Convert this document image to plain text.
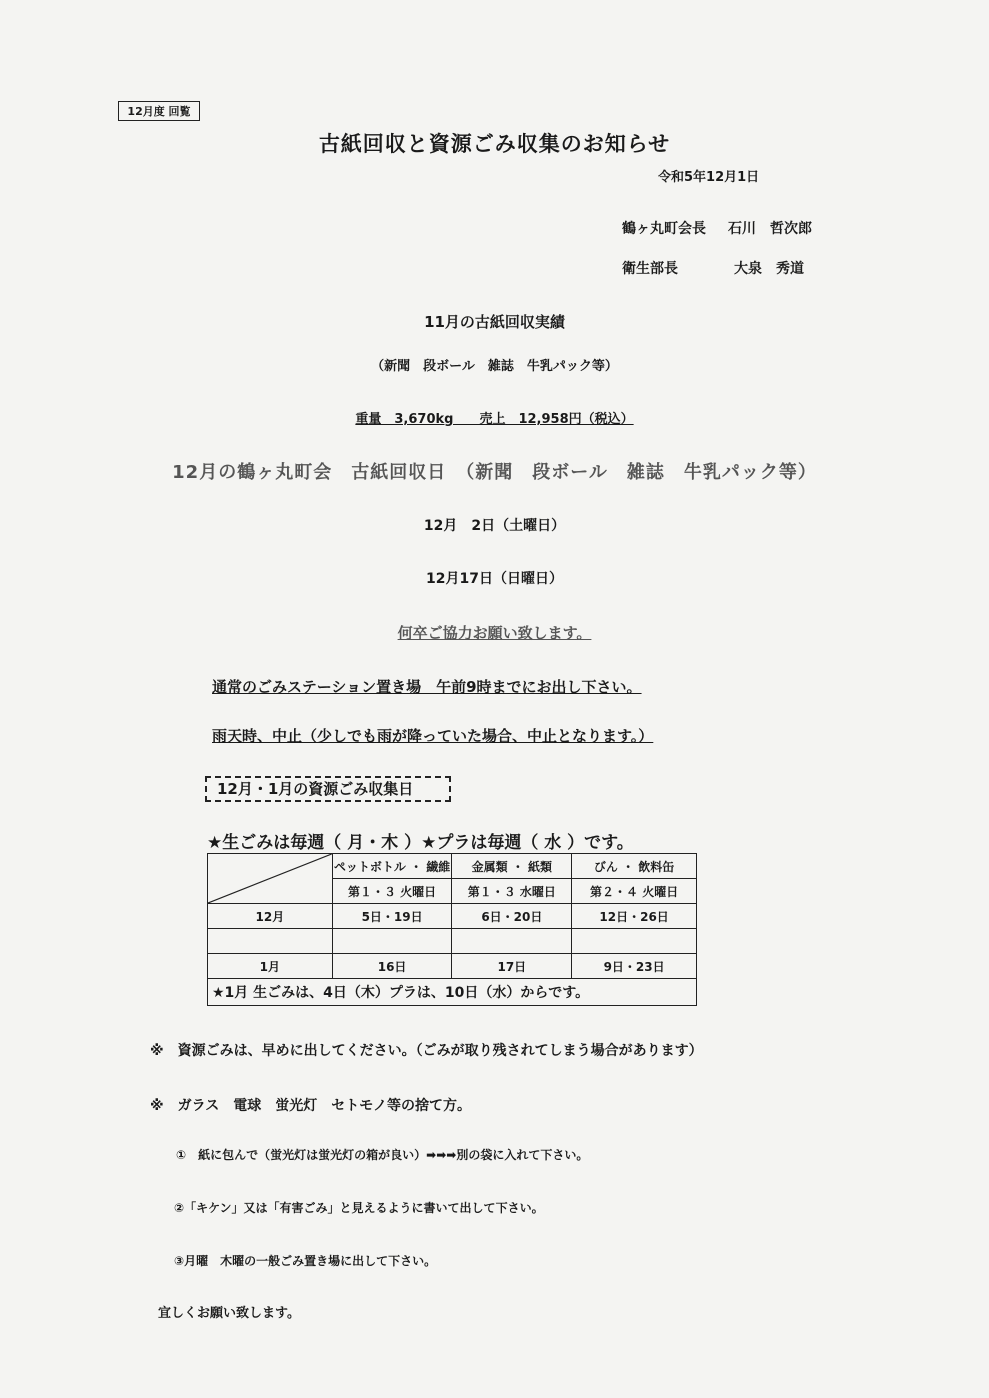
12月度 回覧
古紙回収と資源ごみ収集のお知らせ
令和5年12月1日
鶴ヶ丸町会長 石川　哲次郎
衛生部長	大泉　秀道
11月の古紙回収実績
（新聞　段ボール　雑誌　牛乳パック等）
重量　3,670kg　　売上　12,958円（税込）
12月の鶴ヶ丸町会　古紙回収日　（新聞　段ボール　雑誌　牛乳パック等）
12月　2日（土曜日）
12月17日（日曜日）
何卒ご協力お願い致します。
通常のごみステーション置き場　午前9時までにお出し下さい。
雨天時、中止（少しでも雨が降っていた場合、中止となります。）
12月・1月の資源ごみ収集日
★生ごみは毎週（ 月・木 ）★プラは毎週（ 水 ）です。
	ペットボトル ・ 繊維	金属類 ・ 紙類	びん ・ 飲料缶
	第１・３ 火曜日	第１・３ 水曜日	第２・４ 火曜日
12月	5日・19日	6日・20日	12日・26日

1月	16日	17日	9日・23日
★1月 生ごみは、4日（木）プラは、10日（水）からです。			
※　資源ごみは、早めに出してください。（ごみが取り残されてしまう場合があります）
※　ガラス　電球　蛍光灯　セトモノ等の捨て方。
①　紙に包んで（蛍光灯は蛍光灯の箱が良い）➡➡➡別の袋に入れて下さい。
②「キケン」又は「有害ごみ」と見えるように書いて出して下さい。
③月曜　木曜の一般ごみ置き場に出して下さい。
宜しくお願い致します。
